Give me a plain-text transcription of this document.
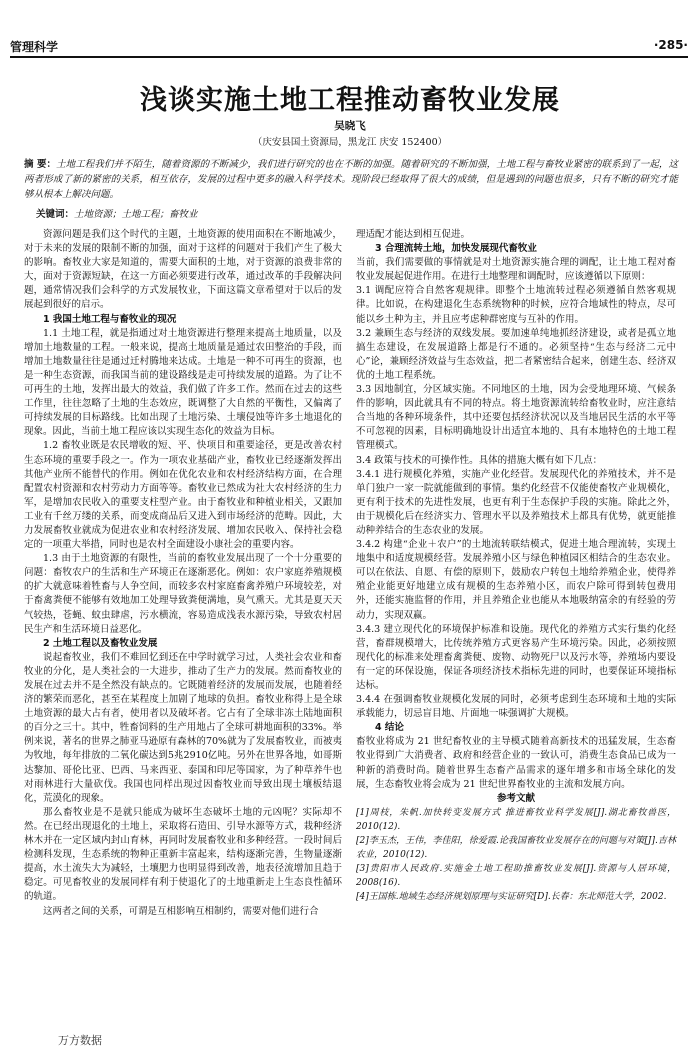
管理科学	·285·
浅谈实施土地工程推动畜牧业发展
吴晓飞
（庆安县国土资源局，黑龙江 庆安 152400）
摘 要：土地工程我们并不陌生，随着资源的不断减少，我们进行研究的也在不断的加强。随着研究的不断加强，土地工程与畜牧业紧密的联系到了一起，这两者形成了新的紧密的关系，相互依存，发展的过程中更多的融入科学技术。现阶段已经取得了很大的成绩，但是遇到的问题也很多，只有不断的研究才能够从根本上解决问题。
关键词：土地资源；土地工程；畜牧业

资源问题是我们这个时代的主题，土地资源的使用面积在不断地减少，对于未来的发展的限制不断的加强，面对于这样的问题对于我们产生了极大的影响。畜牧业大家是知道的，需要大面积的土地，对于资源的浪费非常的大，面对于资源短缺，在这一方面必须要进行改革，通过改革的手段解决问题，通常情况我们会科学的方式发展牧业，下面这篇文章希望对于以后的发展起到很好的启示。

1 我国土地工程与畜牧业的现况

1.1 土地工程，就是指通过对土地资源进行整理来提高土地质量，以及增加土地数量的工程。一般来说，提高土地质量是通过农田整治的手段，而增加土地数量往往是通过迁村腾地来达成。土地是一种不可再生的资源，也是一种生态资源，而我国当前的建设路线是走可持续发展的道路。为了让不可再生的土地，发挥出最大的效益，我们做了许多工作。然而在过去的这些工作里，往往忽略了土地的生态效应，既调整了大自然的平衡性，又偏离了可持续发展的目标路线。比如出现了土地污染、土壤侵蚀等许多土地退化的现象。因此，当前土地工程应该以实现生态化的效益为目标。

1.2 畜牧业既是农民增收的短、平、快项目和重要途径，更是改善农村生态环境的重要手段之一。作为一项农业基础产业，畜牧业已经逐渐发挥出其他产业所不能替代的作用。例如在优化农业和农村经济结构方面，在合理配置农村资源和农村劳动力方面等等。畜牧业已然成为社大农村经济的生力军，是增加农民收入的重要支柱型产业。由于畜牧业和种植业相关，又跟加工业有千丝万缕的关系，而变成商品后又进入到市场经济的范畴。因此，大力发展畜牧业就成为促进农业和农村经济发展、增加农民收入、保持社会稳定的一项重大举措，同时也是农村全面建设小康社会的重要内容。

1.3 由于土地资源的有限性，当前的畜牧业发展出现了一个十分重要的问题：畜牧农户的生活和生产环境正在逐渐恶化。例如：农户家庭养殖规模的扩大就意味着牲畜与人争空间，而较多农村家庭畜禽养殖户环境较差，对于畜禽粪便不能够有效地加工处理导致粪便满地，臭气熏天。尤其是夏天天气较热，苍蝇、蚊虫肆虐，污水横流，容易造成浅表水源污染，导致农村居民生产和生活环境日益恶化。

2 土地工程以及畜牧业发展

说起畜牧业，我们不难回忆到还在中学时就学习过，人类社会农业和畜牧业的分化，是人类社会的一大进步，推动了生产力的发展。然而畜牧业的发展在过去并不是全然没有缺点的。它既随着经济的发展而发展，也随着经济的繁荣而恶化，甚至在某程度上加剧了地球的负担。畜牧业称得上是全球土地资源的最大占有者，使用者以及破坏者。它占有了全球非冻土陆地面积的百分之三十。其中，牲畜饲料的生产用地占了全球可耕地面积的33%。举例来说，著名的世界之肺亚马逊原有森林的70%就为了发展畜牧业，而被夷为牧地，每年排放的二氧化碳达到5兆2910亿吨。另外在世界各地，如哥斯达黎加、哥伦比亚、巴西、马来西亚、泰国和印尼等国家，为了种草养牛也对雨林进行大量砍伐。我国也同样出现过因畜牧业而导致出现土壤板结退化，荒漠化的现象。

那么畜牧业是不是就只能成为破坏生态破坏土地的元凶呢？实际却不然。在已经出现退化的土地上，采取将石造田、引导水源等方式，栽种经济林木并在一定区域内封山育林，再同时发展畜牧业和多种经营。一段时间后检测科发现，生态系统的物种正重新丰富起来，结构逐渐完善，生物量逐渐提高，水土流失大为减轻，土壤肥力也明显得到改善，地表径流增加且趋于稳定。可见畜牧业的发展同样有利于使退化了的土地重新走上生态良性循环的轨道。

这两者之间的关系，可谓是互相影响互相制约，需要对他们进行合

理适配才能达到相互促进。

3 合理流转土地，加快发展现代畜牧业

当前，我们需要做的事情就是对土地资源实施合理的调配，让土地工程对畜牧业发展起促进作用。在进行土地整理和调配时，应该遵循以下原则：

3.1 调配应符合自然客观规律。即整个土地流转过程必须遵循自然客观规律。比如说，在构建退化生态系统物种的时候，应符合地域性的特点，尽可能以乡土种为主，并且应考虑种群密度与互补的作用。

3.2 兼顾生态与经济的双线发展。要加速单纯地抓经济建设，或者是孤立地搞生态建设，在发展道路上都是行不通的。必须坚持“生态与经济二元中心”论，兼顾经济效益与生态效益，把二者紧密结合起来，创建生态、经济双优的土地工程系统。

3.3 因地制宜，分区域实施。不同地区的土地，因为会受地理环境、气候条件的影响，因此就具有不同的特点。将土地资源流转给畜牧业时，应注意结合当地的各种环境条件，其中还要包括经济状况以及当地居民生活的水平等不可忽视的因素，目标明确地设计出适宜本地的、具有本地特色的土地工程管理模式。

3.4 政策与技术的可操作性。具体的措施大概有如下几点：

3.4.1 进行规模化养殖，实施产业化经营。发展现代化的养殖技术，并不是单门独户一家一院就能做到的事情。集约化经营不仅能使畜牧产业规模化，更有利于技术的先进性发展，也更有利于生态保护手段的实施。除此之外，由于规模化后在经济实力、管理水平以及养殖技术上都具有优势，就更能推动种养结合的生态农业的发展。

3.4.2 构建“企业＋农户”的土地流转联结模式，促进土地合理流转，实现土地集中和适度规模经营。发展养殖小区与绿色种植园区相结合的生态农业。可以在依法、自愿、有偿的原则下，鼓励农户转包土地给养殖企业，使得养殖企业能更好地建立成有规模的生态养殖小区，而农户除可得到转包费用外，还能实施监督的作用，并且养殖企业也能从本地吸纳富余的有经验的劳动力，实现双赢。

3.4.3 建立现代化的环境保护标准和设施。现代化的养殖方式实行集约化经营，畜群规模增大，比传统养殖方式更容易产生环境污染。因此，必须按照现代化的标准来处理畜禽粪便、废物、动物死尸以及污水等，养殖场内要设有一定的环保设施，保证各项经济技术指标先进的同时，也要保证环境指标达标。

3.4.4 在强调畜牧业规模化发展的同时，必须考虑到生态环境和土地的实际承载能力，切忌盲目地、片面地一味强调扩大规模。

4 结论

畜牧业将成为 21 世纪畜牧业的主导模式随着高新技术的迅猛发展，生态畜牧业得到广大消费者、政府和经营企业的一致认可，消费生态食品已成为一种新的消费时尚。随着世界生态畜产品需求的逐年增多和市场全球化的发展，生态畜牧业将会成为 21 世纪世界畜牧业的主流和发展方向。

参考文献

[1]周枝，朱帆.加快转变发展方式 推进畜牧业科学发展[J].湖北畜牧兽医，2010(12).

[2]李玉杰，王伟，李佳阳，徐爱霞.论我国畜牧业发展存在的问题与对策[J].吉林农业，2010(12).

[3]贵阳市人民政府.实施金土地工程助推畜牧业发展[J].资源与人居环境，2008(16).

[4]王国栋.地域生态经济规划原理与实证研究[D].长春：东北师范大学，2002.

万方数据
